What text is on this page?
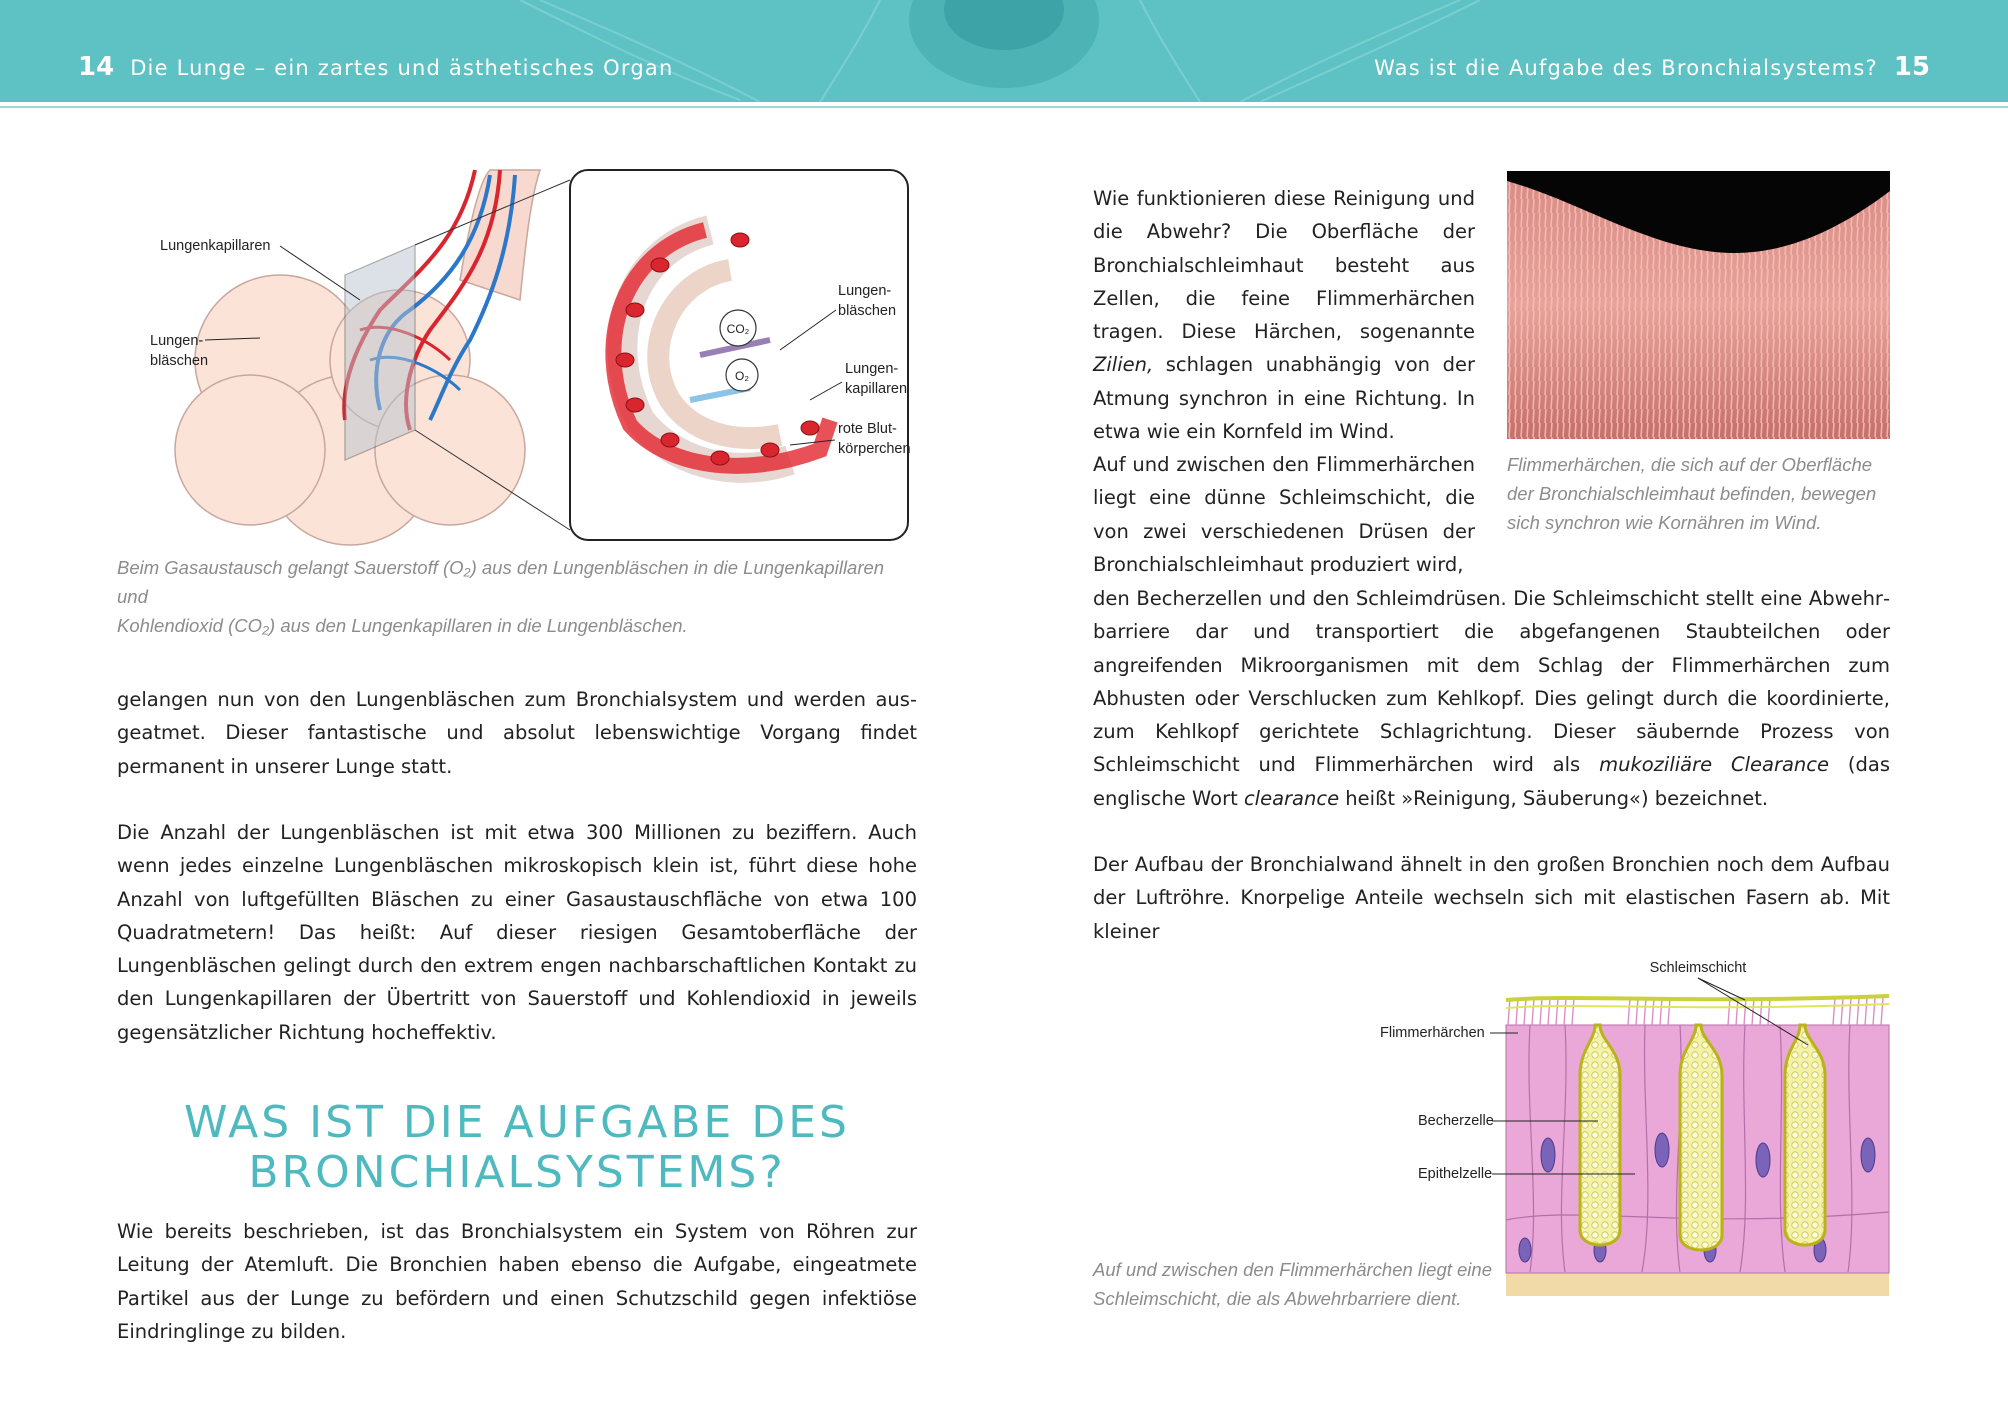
14 Die Lunge – ein zartes und ästhetisches Organ	Was ist die Aufgabe des Bronchialsystems? 15
CO₂
O₂
Lungenkapillaren
Lungen-
bläschen
Lungen-
bläschen
Lungen-
kapillaren
rote Blut-
körperchen
Beim Gasaustausch gelangt Sauerstoff (O₂) aus den Lungenbläschen in die Lungenkapillaren und
Kohlendioxid (CO₂) aus den Lungenkapillaren in die Lungenbläschen.

gelangen nun von den Lungenbläschen zum Bronchialsystem und werden ausgeatmet. Dieser fantastische und absolut lebenswichtige Vorgang findet permanent in unserer Lunge statt.

Die Anzahl der Lungenbläschen ist mit etwa 300 Millionen zu beziffern. Auch wenn jedes einzelne Lungenbläschen mikroskopisch klein ist, führt diese hohe Anzahl von luftgefüllten Bläschen zu einer Gasaustauschfläche von etwa 100 Quadratmetern! Das heißt: Auf dieser riesigen Gesamtoberfläche der Lungenbläschen gelingt durch den extrem engen nachbarschaftlichen Kontakt zu den Lungenkapillaren der Übertritt von Sauerstoff und Kohlendioxid in jeweils gegensätzlicher Richtung hocheffektiv.

WAS IST DIE AUFGABE DES
BRONCHIALSYSTEMS?

Wie bereits beschrieben, ist das Bronchialsystem ein System von Röhren zur Leitung der Atemluft. Die Bronchien haben ebenso die Aufgabe, eingeatmete Partikel aus der Lunge zu befördern und einen Schutzschild gegen infektiöse Eindringlinge zu bilden.

Wie funktionieren diese Reinigung und die Abwehr? Die Oberfläche der Bronchialschleimhaut besteht aus Zellen, die feine Flimmerhärchen tragen. Diese Härchen, sogenannte Zilien, schlagen unabhängig von der Atmung synchron in eine Richtung. In etwa wie ein Kornfeld im Wind.

Flimmerhärchen, die sich auf der Oberfläche der Bronchialschleimhaut befinden, bewegen sich synchron wie Kornähren im Wind.

Auf und zwischen den Flimmerhärchen liegt eine dünne Schleimschicht, die von zwei verschiedenen Drüsen der Bronchialschleimhaut produziert wird,

den Becherzellen und den Schleimdrüsen. Die Schleimschicht stellt eine Abwehrbarriere dar und transportiert die abgefangenen Staubteilchen oder angreifenden Mikroorganismen mit dem Schlag der Flimmerhärchen zum Abhusten oder Verschlucken zum Kehlkopf. Dies gelingt durch die koordinierte, zum Kehlkopf gerichtete Schlagrichtung. Dieser säubernde Prozess von Schleimschicht und Flimmerhärchen wird als mukoziliäre Clearance (das englische Wort clearance heißt »Reinigung, Säuberung«) bezeichnet.

Der Aufbau der Bronchialwand ähnelt in den großen Bronchien noch dem Aufbau der Luftröhre. Knorpelige Anteile wechseln sich mit elastischen Fasern ab. Mit kleiner

Schleimschicht
Flimmerhärchen
Becherzelle
Epithelzelle
Auf und zwischen den Flimmerhärchen liegt eine Schleimschicht, die als Abwehrbarriere dient.
